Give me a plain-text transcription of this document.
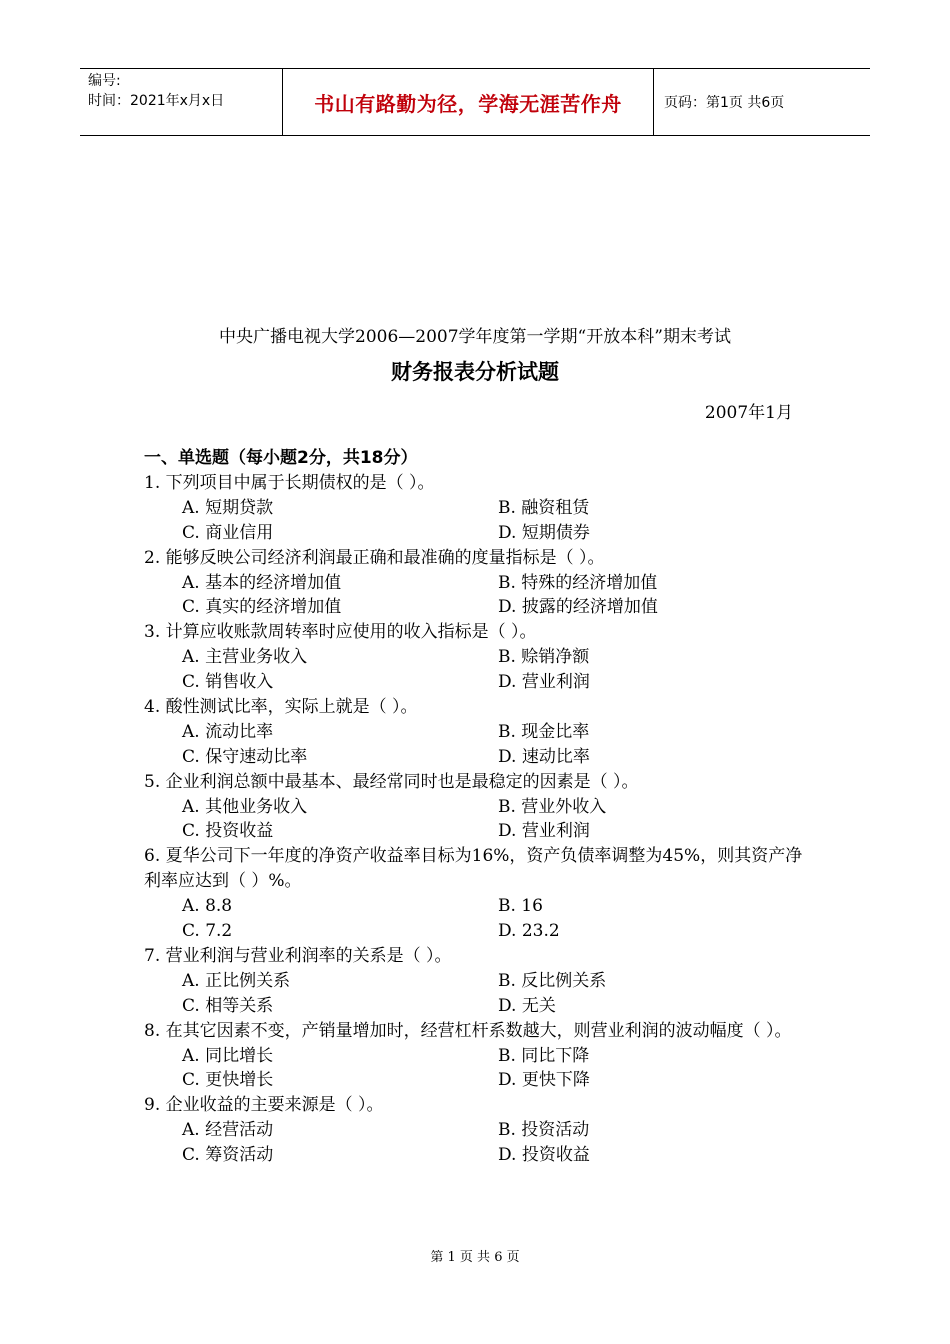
编号:
时间：2021年x月x日	书山有路勤为径，学海无涯苦作舟	页码：第1页 共6页
中央广播电视大学2006—2007学年度第一学期“开放本科”期末考试
财务报表分析试题
2007年1月
一、单选题（每小题2分，共18分）
1. 下列项目中属于长期债权的是（ ）。
A. 短期贷款	B. 融资租赁
C. 商业信用	D. 短期债券
2. 能够反映公司经济利润最正确和最准确的度量指标是（ ）。
A. 基本的经济增加值	B. 特殊的经济增加值
C. 真实的经济增加值	D. 披露的经济增加值
3. 计算应收账款周转率时应使用的收入指标是（ ）。
A. 主营业务收入	B. 赊销净额
C. 销售收入	D. 营业利润
4. 酸性测试比率，实际上就是（ ）。
A. 流动比率	B. 现金比率
C. 保守速动比率	D. 速动比率
5. 企业利润总额中最基本、最经常同时也是最稳定的因素是（ ）。
A. 其他业务收入	B. 营业外收入
C. 投资收益	D. 营业利润
6. 夏华公司下一年度的净资产收益率目标为16%，资产负债率调整为45%，则其资产净利率应达到（ ）%。
A. 8.8	B. 16
C. 7.2	D. 23.2
7. 营业利润与营业利润率的关系是（ ）。
A. 正比例关系	B. 反比例关系
C. 相等关系	D. 无关
8. 在其它因素不变，产销量增加时，经营杠杆系数越大，则营业利润的波动幅度（ ）。
A. 同比增长	B. 同比下降
C. 更快增长	D. 更快下降
9. 企业收益的主要来源是（ ）。
A. 经营活动	B. 投资活动
C. 筹资活动	D. 投资收益
第 1 页 共 6 页
